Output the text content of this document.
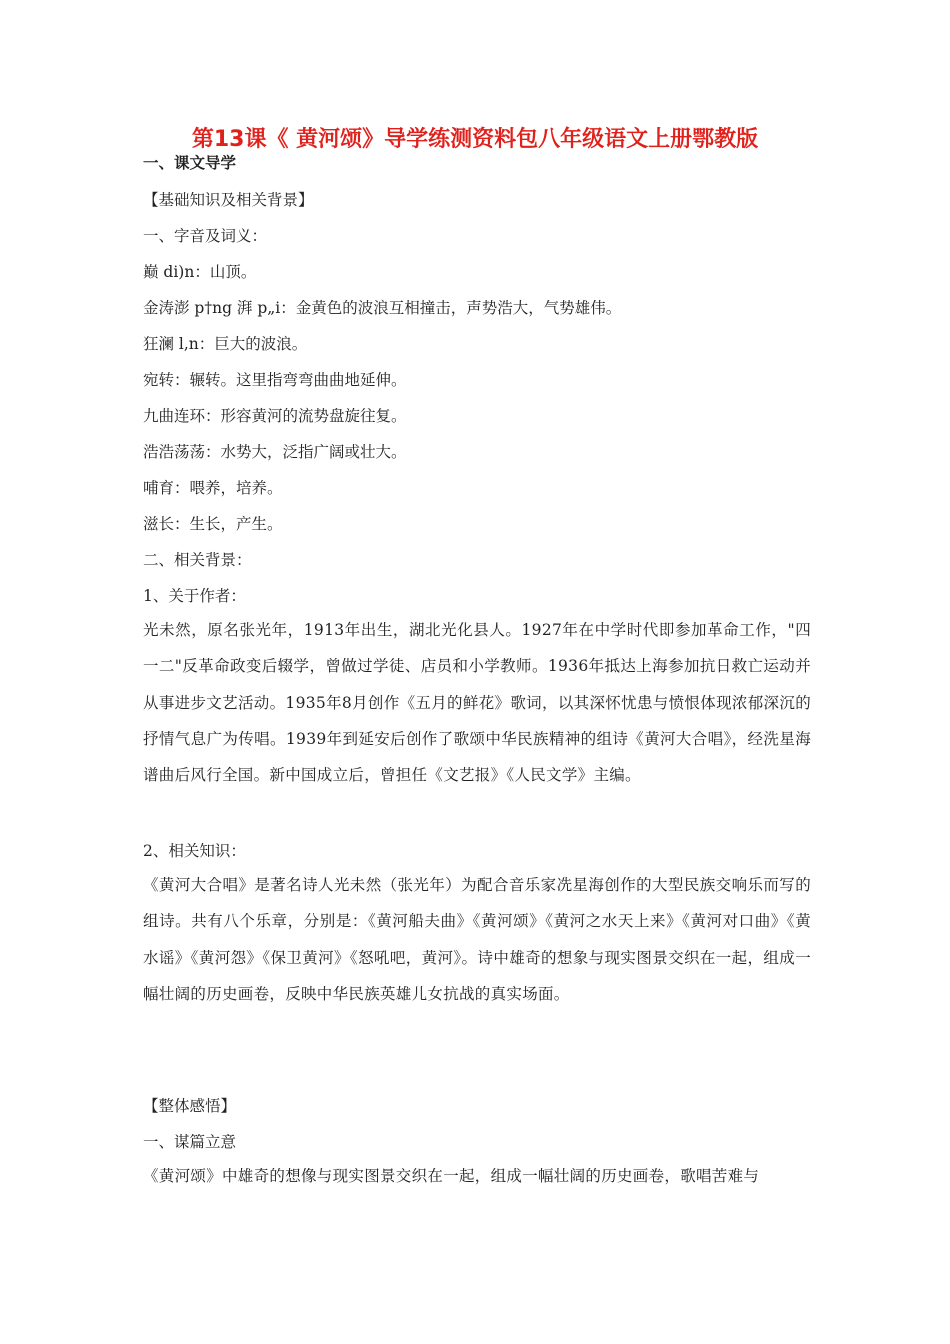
第13课《 黄河颂》导学练测资料包八年级语文上册鄂教版
一、课文导学
【基础知识及相关背景】
一、字音及词义：
巅 di)n：山顶。
金涛澎 p†ng 湃 p„i：金黄色的波浪互相撞击，声势浩大，气势雄伟。
狂澜 l,n：巨大的波浪。
宛转：辗转。这里指弯弯曲曲地延伸。
九曲连环：形容黄河的流势盘旋往复。
浩浩荡荡：水势大，泛指广阔或壮大。
哺育：喂养，培养。
滋长：生长，产生。
二、相关背景：
1、关于作者：
光未然，原名张光年，1913年出生，湖北光化县人。1927年在中学时代即参加革命工作，"四一二"反革命政变后辍学，曾做过学徒、店员和小学教师。1936年抵达上海参加抗日救亡运动并从事进步文艺活动。1935年8月创作《五月的鲜花》歌词，以其深怀忧患与愤恨体现浓郁深沉的抒情气息广为传唱。1939年到延安后创作了歌颂中华民族精神的组诗《黄河大合唱》，经洗星海谱曲后风行全国。新中国成立后，曾担任《文艺报》《人民文学》主编。
2、相关知识：
《黄河大合唱》是著名诗人光未然（张光年）为配合音乐家冼星海创作的大型民族交响乐而写的组诗。共有八个乐章，分别是：《黄河船夫曲》《黄河颂》《黄河之水天上来》《黄河对口曲》《黄水谣》《黄河怨》《保卫黄河》《怒吼吧，黄河》。诗中雄奇的想象与现实图景交织在一起，组成一幅壮阔的历史画卷，反映中华民族英雄儿女抗战的真实场面。
【整体感悟】
一、谋篇立意
《黄河颂》中雄奇的想像与现实图景交织在一起，组成一幅壮阔的历史画卷，歌唱苦难与
